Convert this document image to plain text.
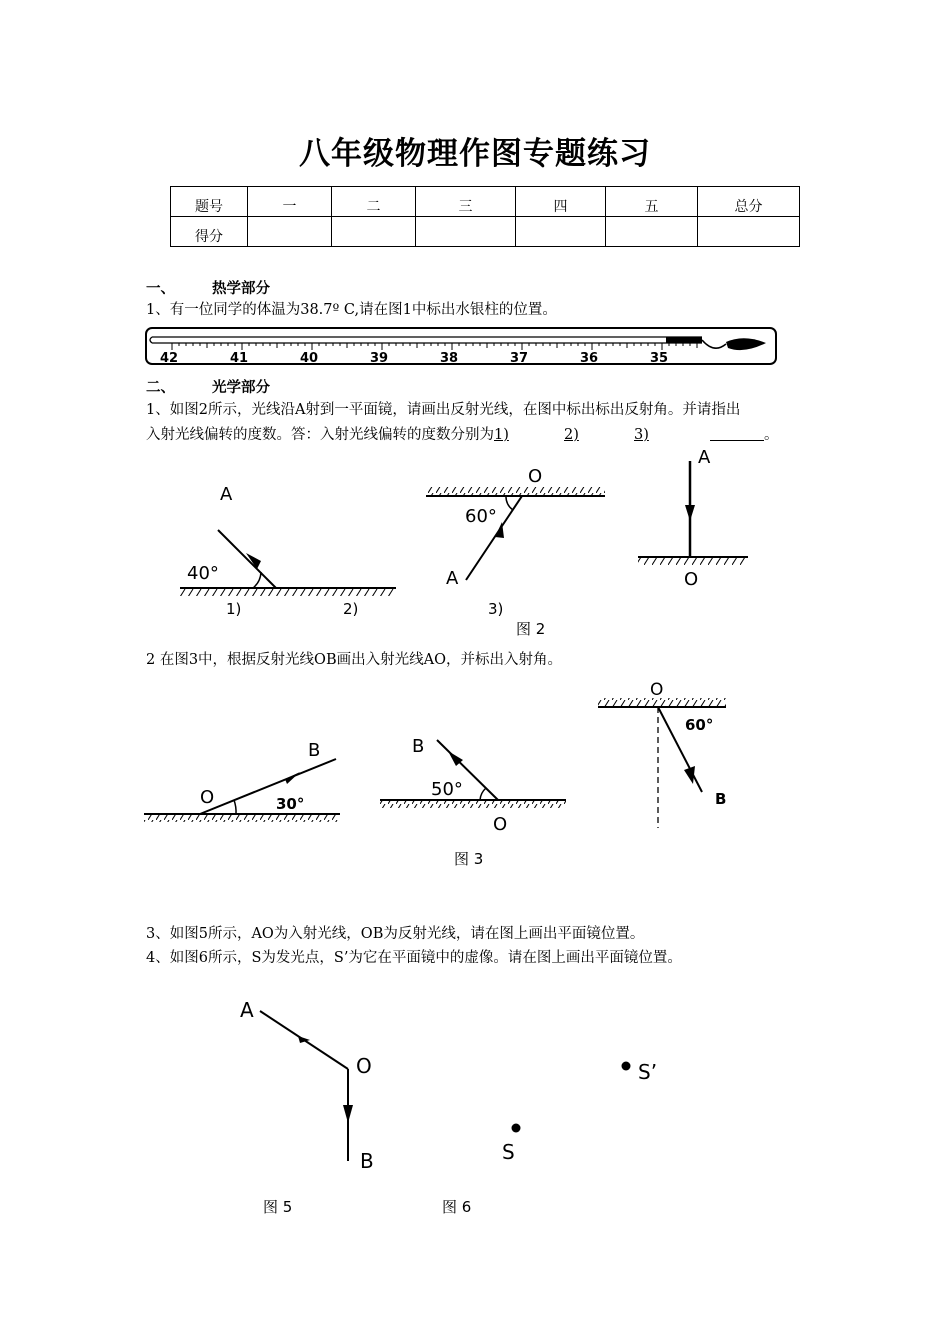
八年级物理作图专题练习
题号	一	二	三	四	五	总分
得分						
一、	热学部分
1、有一位同学的体温为38.7º C,请在图1中标出水银柱的位置。
42	41	40	39	38	37	36	35
二、	光学部分
1、如图2所示，光线沿A射到一平面镜，请画出反射光线，在图中标出标出反射角。并请指出
入射光线偏转的度数。答：入射光线偏转的度数分别为1)	2)	3)	。
A
40°
O
60°
A
A
O
1)	2)	3)
图 2
2 在图3中，根据反射光线OB画出入射光线AO，并标出入射角。
O
B
30°
B
50°
O
O
60°
B
图 3
3、如图5所示，AO为入射光线，OB为反射光线，请在图上画出平面镜位置。
4、如图6所示，S为发光点，S’为它在平面镜中的虚像。请在图上画出平面镜位置。
A
O
B
图 5
S
S’
图 6
